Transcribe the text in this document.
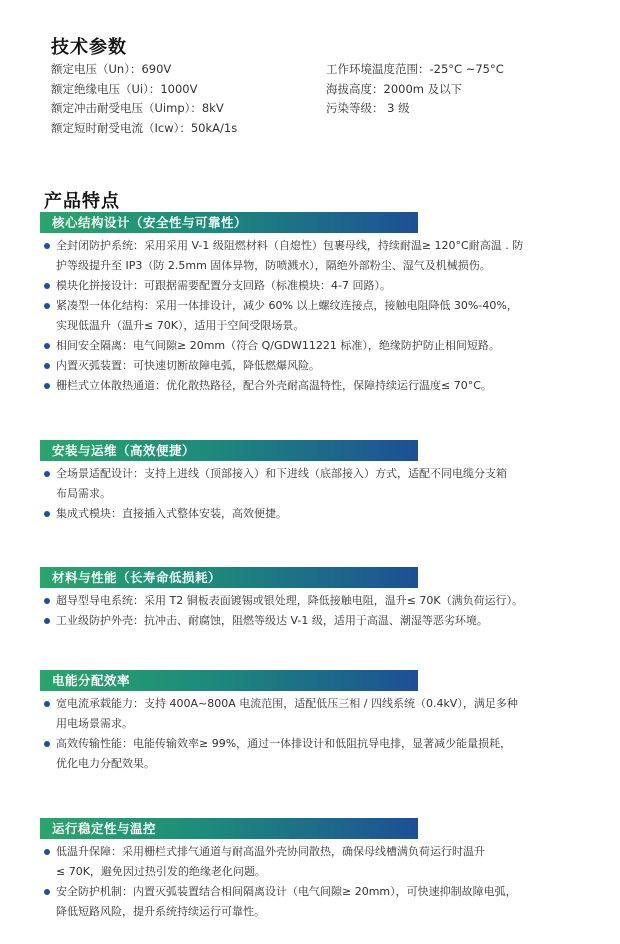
技术参数
额定电压（Un）：690V
额定绝缘电压（Ui）：1000V
额定冲击耐受电压（Uimp）：8kV
额定短时耐受电流（Icw）：50kA/1s
工作环境温度范围：-25°C ~75°C
海拔高度：2000m 及以下
污染等级： 3 级
产品特点
核心结构设计（安全性与可靠性）
全封闭防护系统：采用采用 V-1 级阻燃材料（自熄性）包裹母线，持续耐温≥ 120°C耐高温 . 防
护等级提升至 IP3（防 2.5mm 固体异物，防喷溅水），隔绝外部粉尘、湿气及机械损伤。
模块化拼接设计：可跟据需要配置分支回路（标准模块：4-7 回路）。
紧凑型一体化结构：采用一体排设计，减少 60% 以上螺纹连接点，接触电阻降低 30%-40%，
实现低温升（温升≤ 70K），适用于空间受限场景。
相间安全隔离：电气间隙≥ 20mm（符合 Q/GDW11221 标准），绝缘防护防止相间短路。
内置灭弧装置：可快速切断故障电弧，降低燃爆风险。
栅栏式立体散热通道：优化散热路径，配合外壳耐高温特性，保障持续运行温度≤ 70°C。
安装与运维（高效便捷）
全场景适配设计：支持上进线（顶部接入）和下进线（底部接入）方式，适配不同电缆分支箱
布局需求。
集成式模块：直接插入式整体安装，高效便捷。
材料与性能（长寿命低损耗）
超导型导电系统：采用 T2 铜板表面镀锡或银处理，降低接触电阻，温升≤ 70K（满负荷运行）。
工业级防护外壳：抗冲击、耐腐蚀，阻燃等级达 V-1 级，适用于高温、潮湿等恶劣环境。
电能分配效率
宽电流承载能力：支持 400A~800A 电流范围，适配低压三相 / 四线系统（0.4kV），满足多种
用电场景需求。
高效传输性能：电能传输效率≥ 99%，通过一体排设计和低阻抗导电排，显著减少能量损耗，
优化电力分配效果。
运行稳定性与温控
低温升保障：采用栅栏式排气通道与耐高温外壳协同散热，确保母线槽满负荷运行时温升
≤ 70K，避免因过热引发的绝缘老化问题。
安全防护机制：内置灭弧装置结合相间隔离设计（电气间隙≥ 20mm），可快速抑制故障电弧，
降低短路风险，提升系统持续运行可靠性。
